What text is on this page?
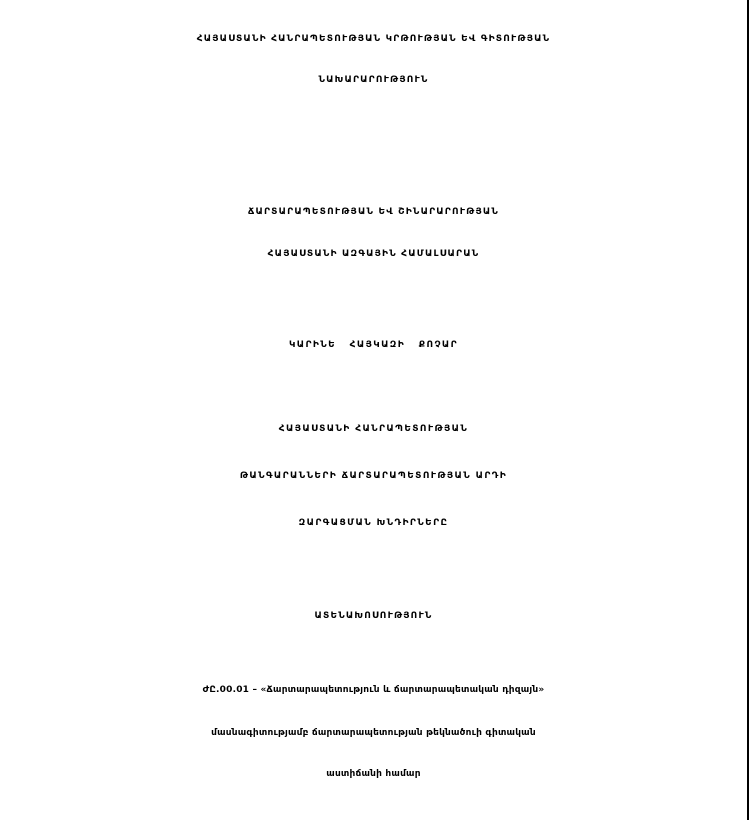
ՀԱՅԱՍՏԱՆԻ ՀԱՆՐԱՊԵՏՈՒԹՅԱՆ ԿՐԹՈՒԹՅԱՆ ԵՎ ԳԻՏՈՒԹՅԱՆ
ՆԱԽԱՐԱՐՈՒԹՅՈՒՆ
ՃԱՐՏԱՐԱՊԵՏՈՒԹՅԱՆ ԵՎ ՇԻՆԱՐԱՐՈՒԹՅԱՆ
ՀԱՅԱՍՏԱՆԻ ԱԶԳԱՅԻՆ ՀԱՄԱԼՍԱՐԱՆ
ԿԱՐԻՆԵ   ՀԱՅԿԱԶԻ   ՔՈՉԱՐ
ՀԱՅԱՍՏԱՆԻ ՀԱՆՐԱՊԵՏՈՒԹՅԱՆ
ԹԱՆԳԱՐԱՆՆԵՐԻ ՃԱՐՏԱՐԱՊԵՏՈՒԹՅԱՆ ԱՐԴԻ
ԶԱՐԳԱՑՄԱՆ ԽՆԴԻՐՆԵՐԸ
ԱՏԵՆԱԽՈՍՈՒԹՅՈՒՆ
ԺԸ.00.01 – «Ճարտարապետություն և ճարտարապետական դիզայն»
մասնագիտությամբ ճարտարապետության թեկնածուի գիտական
աստիճանի համար
